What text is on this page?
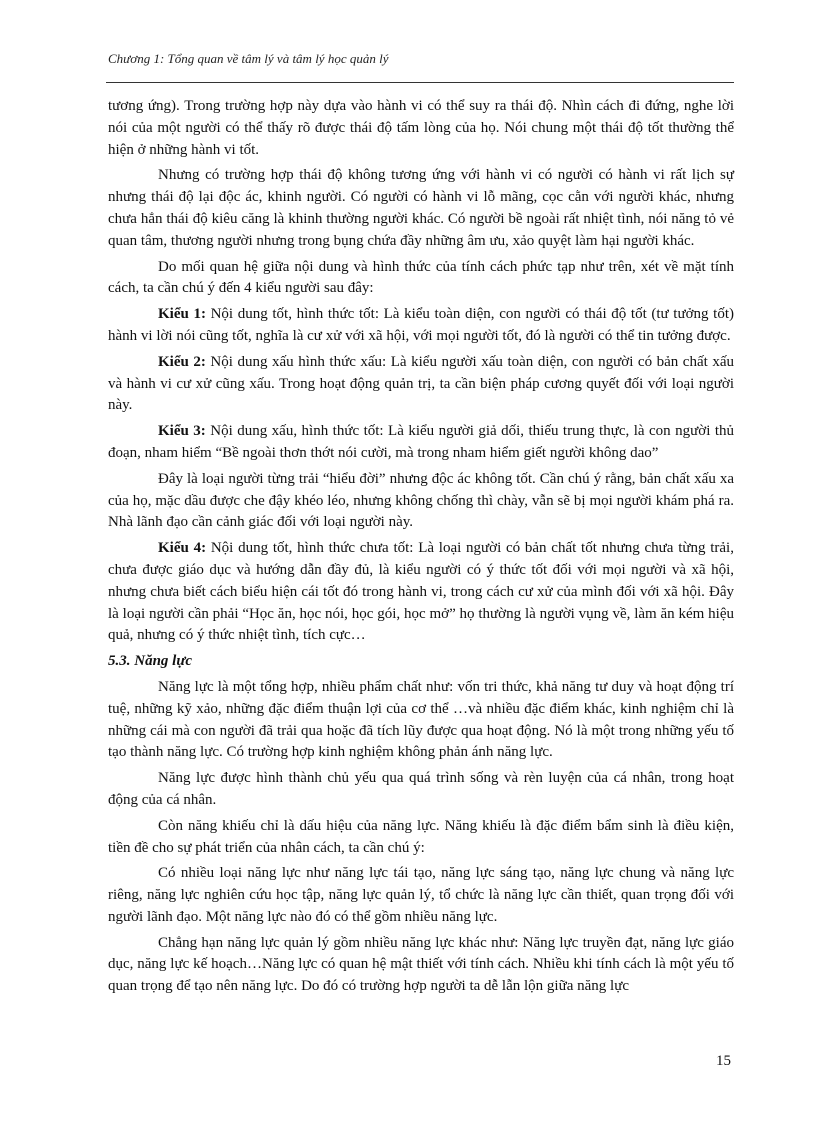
Chương 1: Tổng quan về tâm lý và tâm lý học quản lý

tương ứng). Trong trường hợp này dựa vào hành vi có thể suy ra thái độ. Nhìn cách đi đứng, nghe lời nói của một người có thể thấy rõ được thái độ tấm lòng của họ. Nói chung một thái độ tốt thường thể hiện ở những hành vi tốt.

Nhưng có trường hợp thái độ không tương ứng với hành vi có người có hành vi rất lịch sự nhưng thái độ lại độc ác, khinh người. Có người có hành vi lỗ mãng, cọc cằn với người khác, nhưng chưa hẳn thái độ kiêu căng là khinh thường người khác. Có người bề ngoài rất nhiệt tình, nói năng tỏ vẻ quan tâm, thương người nhưng trong bụng chứa đầy những âm ưu, xảo quyệt làm hại người khác.

Do mối quan hệ giữa nội dung và hình thức của tính cách phức tạp như trên, xét về mặt tính cách, ta cần chú ý đến 4 kiểu người sau đây:

Kiểu 1: Nội dung tốt, hình thức tốt: Là kiểu toàn diện, con người có thái độ tốt (tư tưởng tốt) hành vi lời nói cũng tốt, nghĩa là cư xử với xã hội, với mọi người tốt, đó là người có thể tin tưởng được.

Kiểu 2: Nội dung xấu hình thức xấu: Là kiểu người xấu toàn diện, con người có bản chất xấu và hành vi cư xử cũng xấu. Trong hoạt động quản trị, ta cần biện pháp cương quyết đối với loại người này.

Kiểu 3: Nội dung xấu, hình thức tốt: Là kiểu người giả dối, thiếu trung thực, là con người thủ đoạn, nham hiểm “Bề ngoài thơn thớt nói cười, mà trong nham hiểm giết người không dao”

Đây là loại người từng trải “hiểu đời” nhưng độc ác không tốt. Cần chú ý rằng, bản chất xấu xa của họ, mặc dầu được che đậy khéo léo, nhưng không chống thì chày, vẫn sẽ bị mọi người khám phá ra. Nhà lãnh đạo cần cảnh giác đối với loại người này.

Kiểu 4: Nội dung tốt, hình thức chưa tốt: Là loại người có bản chất tốt nhưng chưa từng trải, chưa được giáo dục và hướng dẫn đầy đủ, là kiểu người có ý thức tốt đối với mọi người và xã hội, nhưng chưa biết cách biểu hiện cái tốt đó trong hành vi, trong cách cư xử của mình đối với xã hội. Đây là loại người cần phải “Học ăn, học nói, học gói, học mở” họ thường là người vụng về, làm ăn kém hiệu quả, nhưng có ý thức nhiệt tình, tích cực…

5.3. Năng lực

Năng lực là một tổng hợp, nhiều phẩm chất như: vốn tri thức, khả năng tư duy và hoạt động trí tuệ, những kỹ xảo, những đặc điểm thuận lợi của cơ thể …và nhiều đặc điểm khác, kinh nghiệm chỉ là những cái mà con người đã trải qua hoặc đã tích lũy được qua hoạt động. Nó là một trong những yếu tố tạo thành năng lực. Có trường hợp kinh nghiệm không phản ánh năng lực.

Năng lực được hình thành chủ yếu qua quá trình sống và rèn luyện của cá nhân, trong hoạt động của cá nhân.

Còn năng khiếu chỉ là dấu hiệu của năng lực. Năng khiếu là đặc điểm bẩm sinh là điều kiện, tiền đề cho sự phát triển của nhân cách, ta cần chú ý:

Có nhiều loại năng lực như năng lực tái tạo, năng lực sáng tạo, năng lực chung và năng lực riêng, năng lực nghiên cứu học tập, năng lực quản lý, tổ chức là năng lực cần thiết, quan trọng đối với người lãnh đạo. Một năng lực nào đó có thể gồm nhiều năng lực.

Chẳng hạn năng lực quản lý gồm nhiều năng lực khác như: Năng lực truyền đạt, năng lực giáo dục, năng lực kế hoạch…Năng lực có quan hệ mật thiết với tính cách. Nhiều khi tính cách là một yếu tố quan trọng để tạo nên năng lực. Do đó có trường hợp người ta dễ lẫn lộn giữa năng lực

15
